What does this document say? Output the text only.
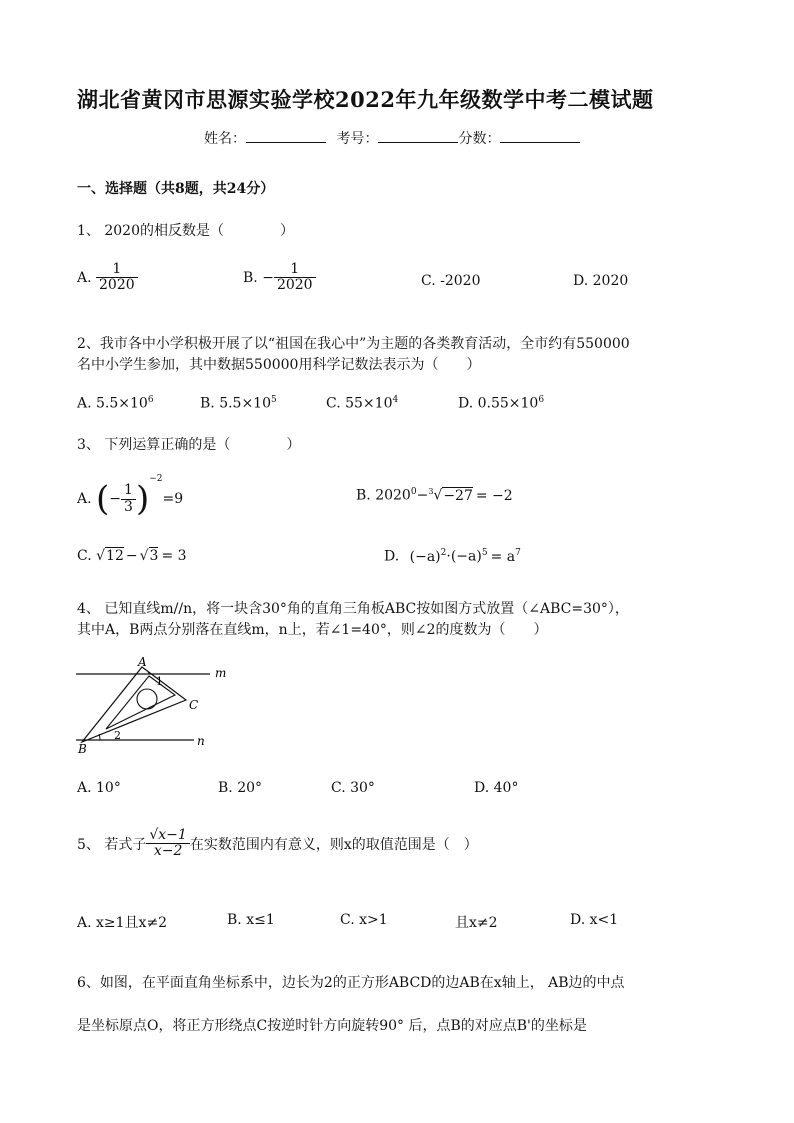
湖北省黄冈市思源实验学校2022年九年级数学中考二模试题
姓名：	考号：	分数：
一、选择题（共8题，共24分）
1、 2020的相反数是（　　　　）
A. $\frac{1}{2020}$	B. − $\frac{1}{2020}$	C. -2020	D. 2020
2、我市各中小学积极开展了以“祖国在我心中”为主题的各类教育活动，全市约有550000
名中小学生参加，其中数据550000用科学记数法表示为（　　）
A. $5.5\times 10^6$	B. $5.5\times 10^5$	C. $55\times 10^4$	D. $0.55\times 10^6$
3、 下列运算正确的是（　　　　）
A. (− $\frac{1}{3} )^{-2}=9$	B. $2020^0-^3√-27 = -2$
C. √12 − √3 = 3	D. $(-a)^2\cdot(-a)^5 = a^7$
4、 已知直线m//n，将一块含30°角的直角三角板ABC按如图方式放置（∠ABC=30°），
其中A，B两点分别落在直线m，n上，若∠1=40°，则∠2的度数为（　　）
A
B
C
m
n
1
2
A. 10°	B. 20°	C. 30°	D. 40°
5、 若式子 $\frac{√x-1}{x-2}$ 在实数范围内有意义，则x的取值范围是（　）
A. x≥1且x≠2	B. x≤1	C. x>1	且x≠2	D. x<1
6、如图，在平面直角坐标系中，边长为2的正方形ABCD的边AB在x轴上， AB边的中点
是坐标原点O，将正方形绕点C按逆时针方向旋转90° 后，点B的对应点B'的坐标是
